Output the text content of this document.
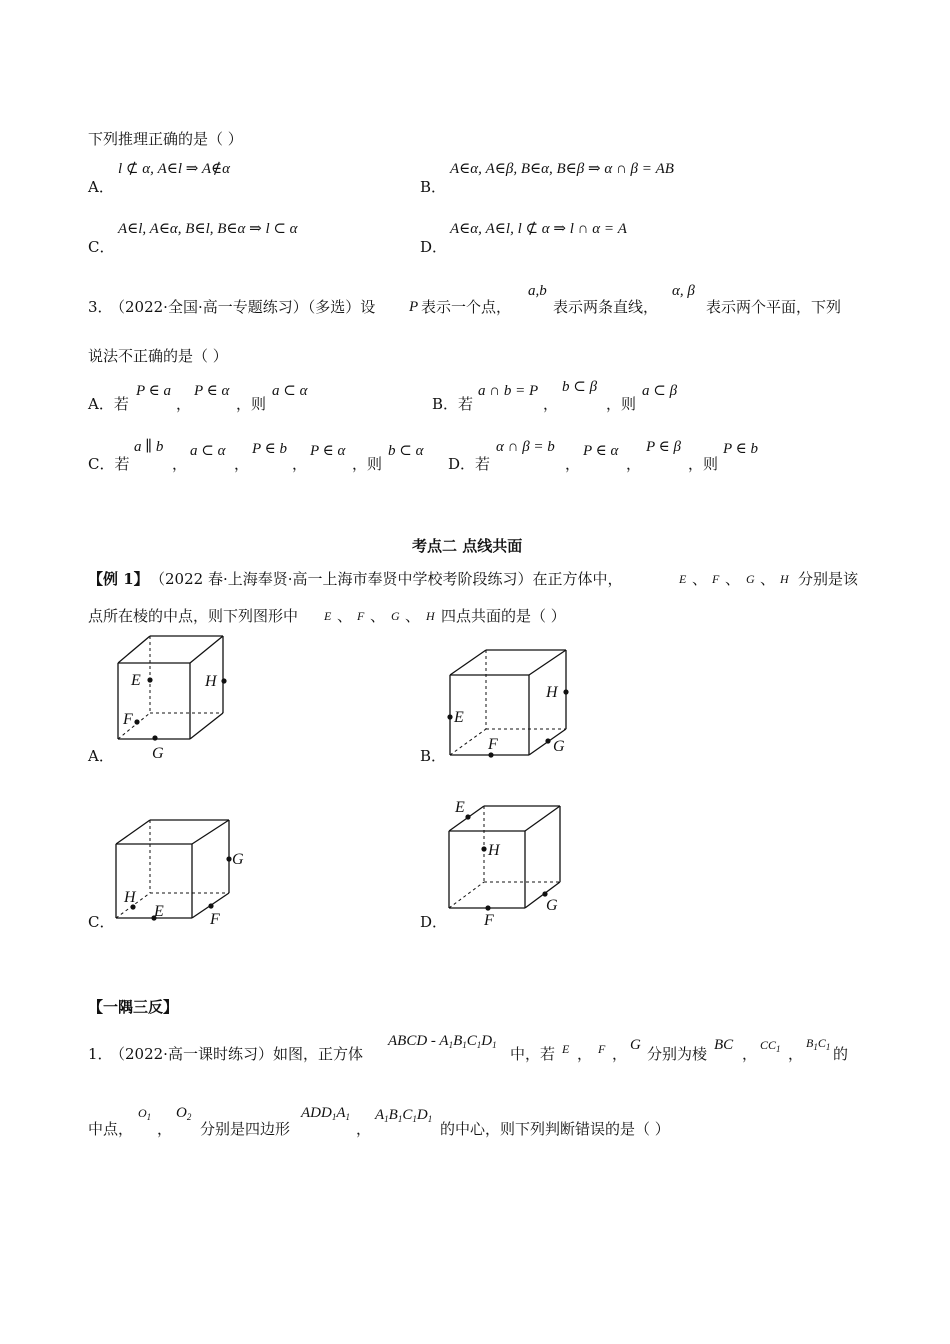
下列推理正确的是（ ）
A．
l ⊄ α, A∈l ⇒ A∉α
B．
A∈α, A∈β, B∈α, B∈β ⇒ α ∩ β = AB
C．
A∈l, A∈α, B∈l, B∈α ⇒ l ⊂ α
D．
A∈α, A∈l, l ⊄ α ⇒ l ∩ α = A
3．
（2022·全国·高一专题练习）（多选）设 P 表示一个点，
a,b
表示两条直线，
α, β
表示两个平面，下列
说法不正确的是（ ）
A．若
P ∈ a
，
P ∈ α
，则
a ⊂ α
B．若
a ∩ b = P
，
b ⊂ β
，则
a ⊂ β
C．若
a ∥ b
，
a ⊂ α
，
P ∈ b
，
P ∈ α
，则
b ⊂ α
D．若
α ∩ β = b
，
P ∈ α
，
P ∈ β
，则
P ∈ b
考点二 点线共面
【例 1】 （2022 春·上海奉贤·高一上海市奉贤中学校考阶段练习）在正方体中，	E 、 F 、 G 、 H 分别是该
点所在棱的中点，则下列图形中 E 、 F 、 G 、 H 四点共面的是（ ）
A．	B．
C．	D．
E	H
F
G
H
E
F	G
G
H
E	F
E
H
G
F
【一隅三反】
1．
（2022·高一课时练习）如图，正方体
ABCD - $A_1B_1C_1D_1$ 中，若 E ， F ， G 分别为棱 BC ， $CC_1$ ，
$B_1C_1$ 的
中点，
$O_1$
，
$O_2$
分别是四边形
$ADD_1A_1$
，
$A_1B_1C_1D_1$
的中心，则下列判断错误的是（ ）
